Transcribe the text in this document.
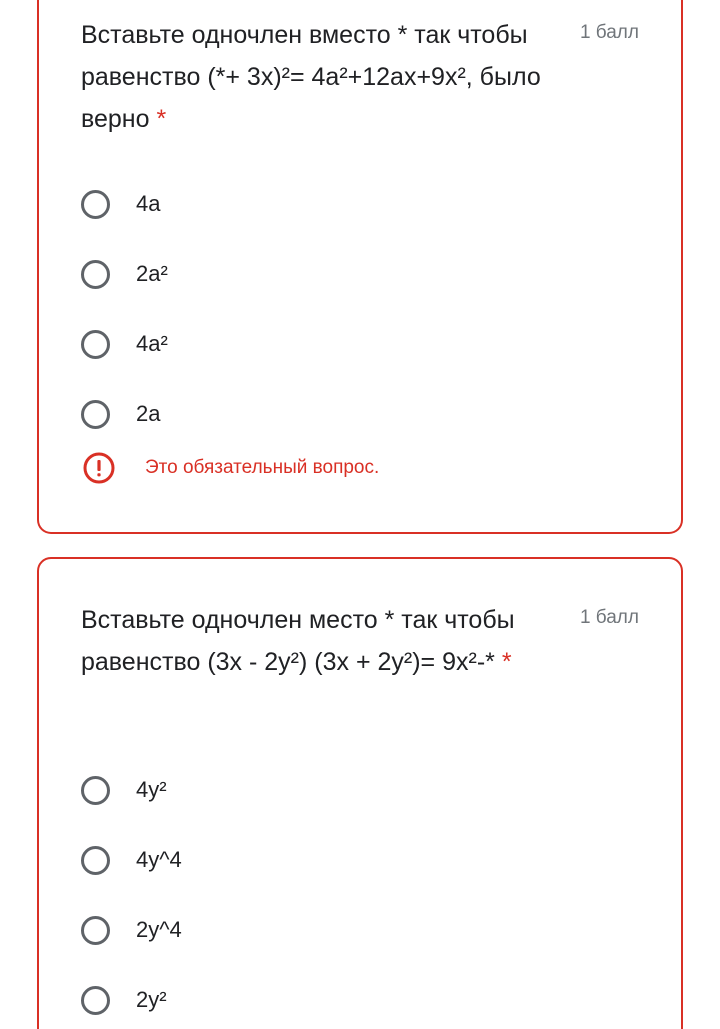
Вставьте одночлен вместо * так чтобы равенство (*+ 3x)²= 4a²+12ax+9x², было верно *
1 балл
4a
2a²
4a²
2a
Это обязательный вопрос.
Вставьте одночлен место * так чтобы равенство (3x - 2y²) (3x + 2y²)= 9x²-* *
1 балл
4y²
4y^4
2y^4
2y²
